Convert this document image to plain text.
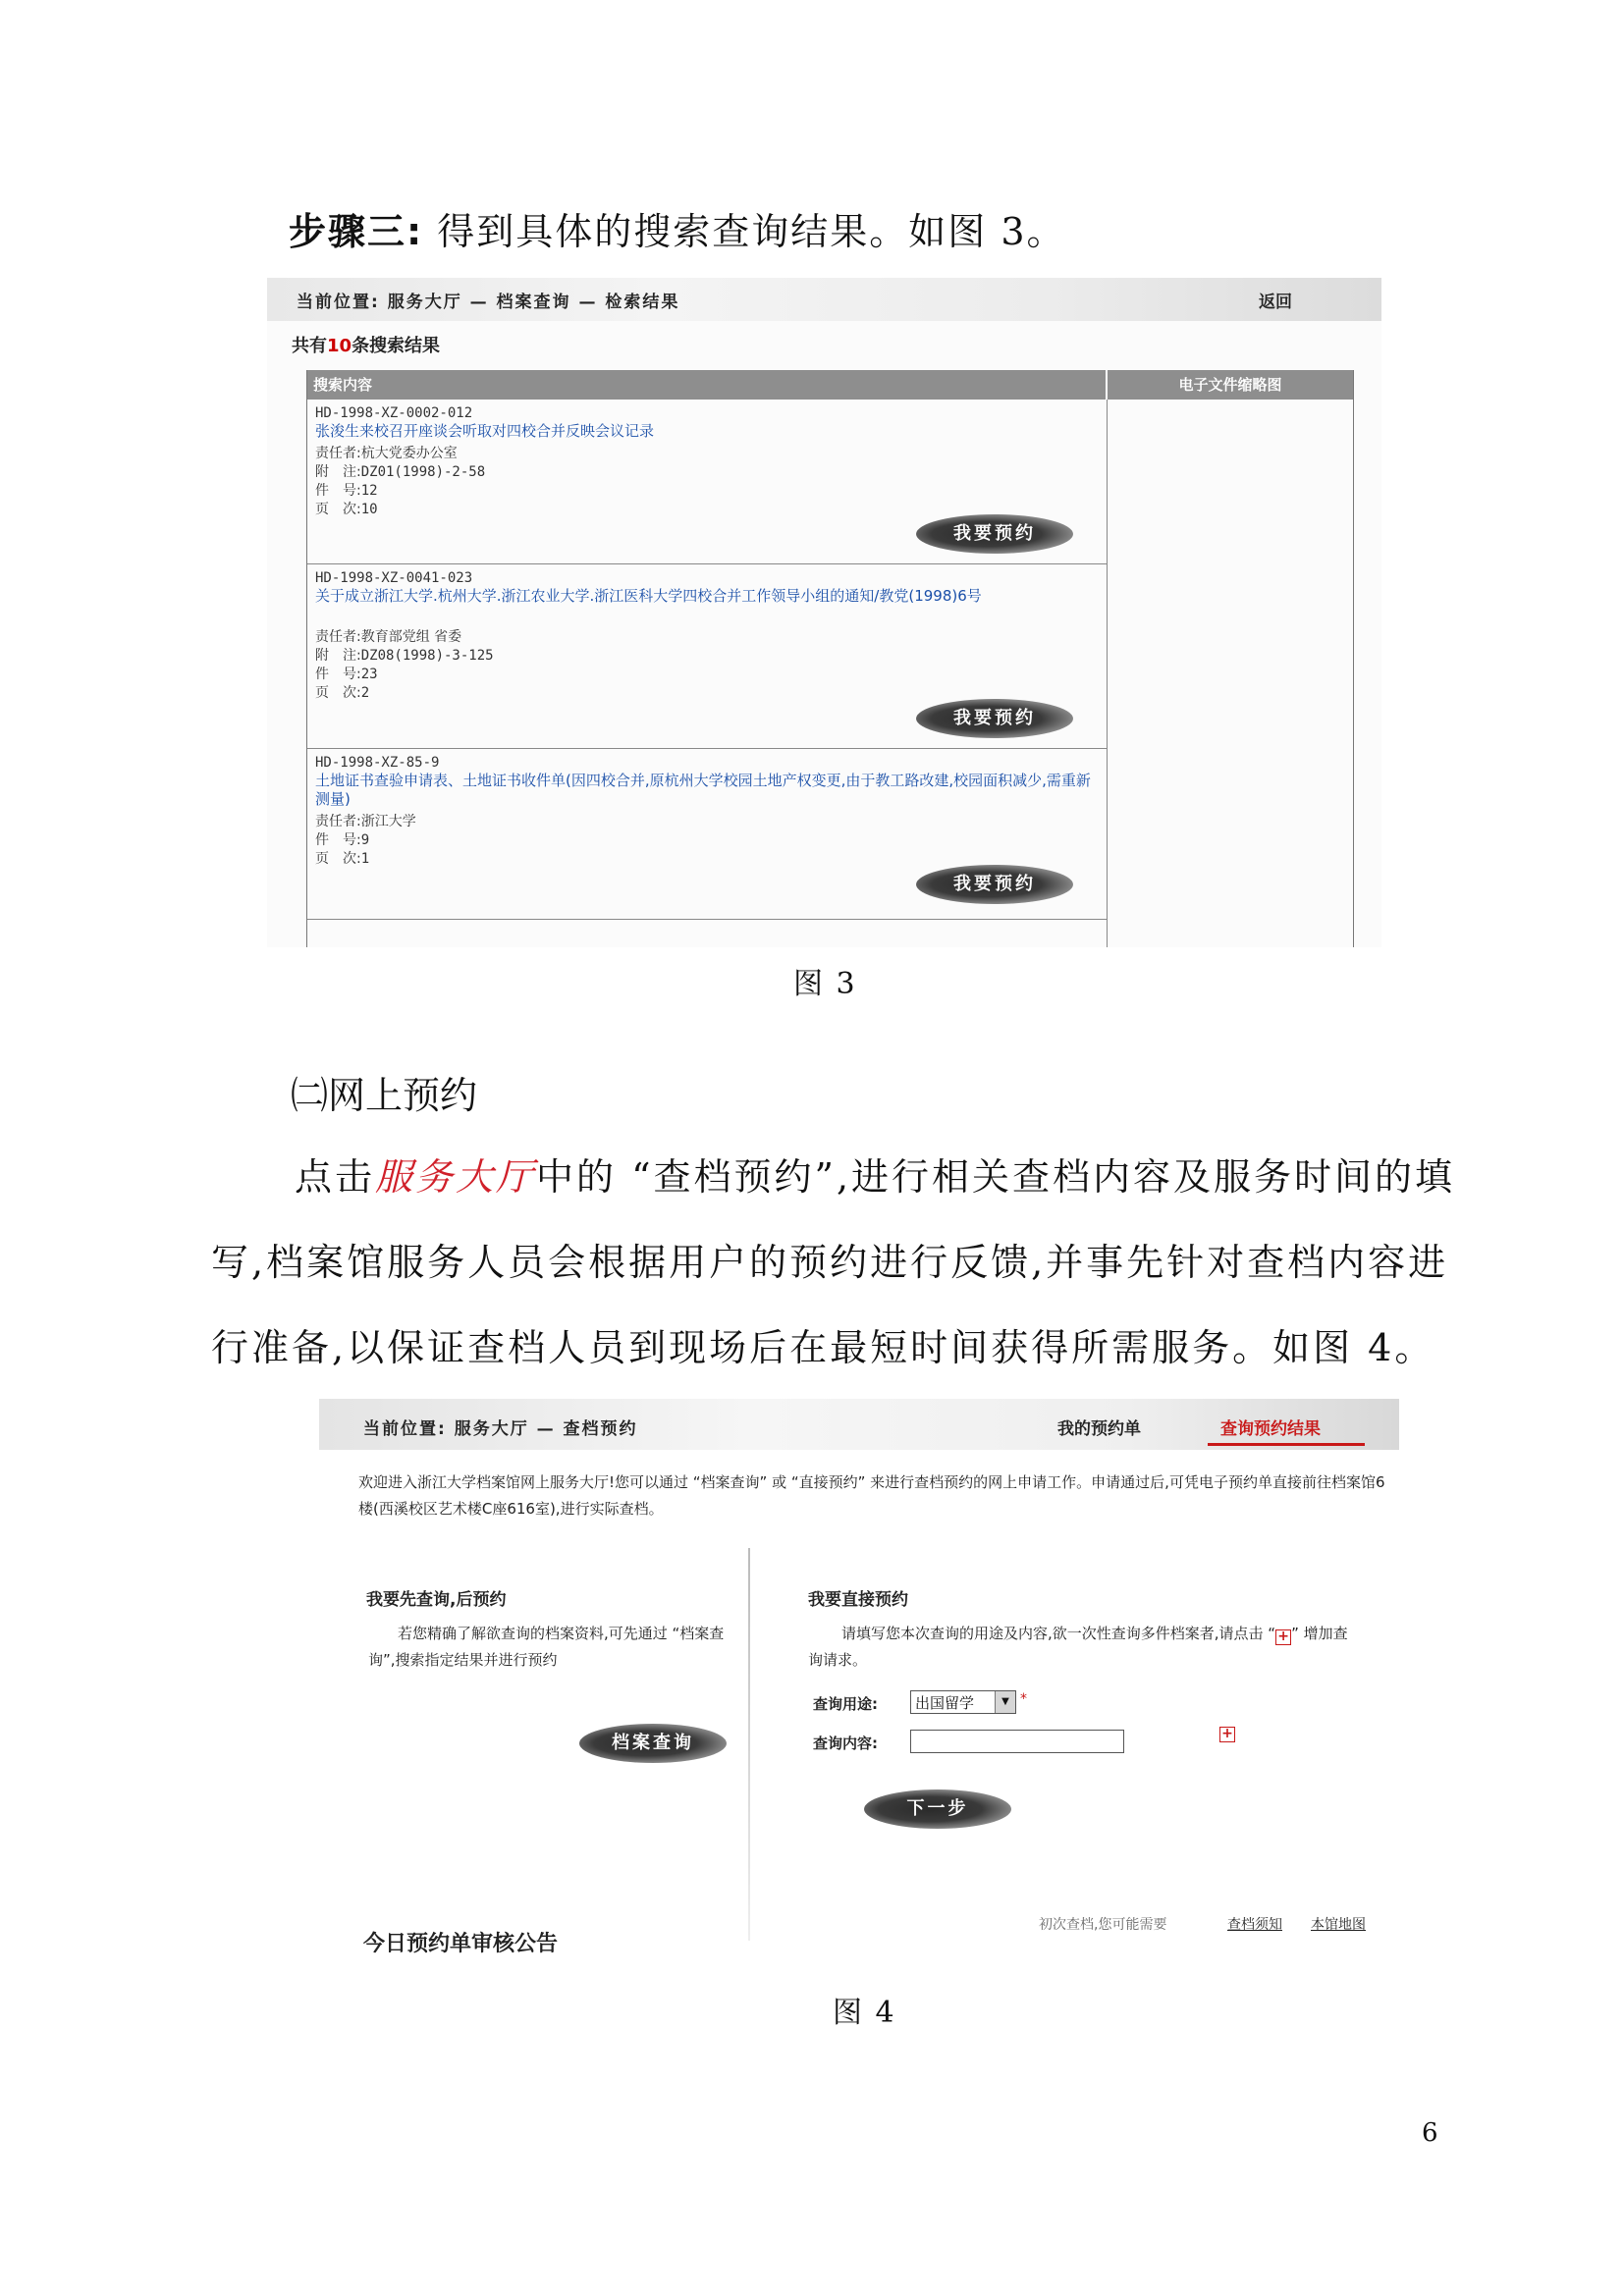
步骤三: 得到具体的搜索查询结果。如图 3。
当前位置: 服务大厅 — 档案查询 — 检索结果	返回
共有10条搜索结果
搜索内容	电子文件缩略图
HD-1998-XZ-0002-012
张浚生来校召开座谈会听取对四校合并反映会议记录
责任者:杭大党委办公室
附　注:DZ01(1998)-2-58
件　号:12
页　次:10
我要预约
HD-1998-XZ-0041-023
关于成立浙江大学.杭州大学.浙江农业大学.浙江医科大学四校合并工作领导小组的通知/教党(1998)6号
责任者:教育部党组 省委
附　注:DZ08(1998)-3-125
件　号:23
页　次:2
我要预约
HD-1998-XZ-85-9
土地证书查验申请表、土地证书收件单(因四校合并,原杭州大学校园土地产权变更,由于教工路改建,校园面积减少,需重新测量)
责任者:浙江大学
件　号:9
页　次:1
我要预约
图 3
㈡网上预约
点击服务大厅中的 “查档预约”,进行相关查档内容及服务时间的填
写,档案馆服务人员会根据用户的预约进行反馈,并事先针对查档内容进
行准备,以保证查档人员到现场后在最短时间获得所需服务。如图 4。
当前位置: 服务大厅 — 查档预约	我的预约单	查询预约结果
欢迎进入浙江大学档案馆网上服务大厅!您可以通过 “档案查询” 或 “直接预约” 来进行查档预约的网上申请工作。申请通过后,可凭电子预约单直接前往档案馆6楼(西溪校区艺术楼C座616室),进行实际查档。
我要先查询,后预约
若您精确了解欲查询的档案资料,可先通过 “档案查询”,搜索指定结果并进行预约
档案查询
我要直接预约
请填写您本次查询的用途及内容,欲一次性查询多件档案者,请点击 “ + ” 增加查询请求。
查询用途:	出国留学	▼ *
查询内容:
+
下一步
初次查档,您可能需要	查档须知 本馆地图
今日预约单审核公告
图 4
6
